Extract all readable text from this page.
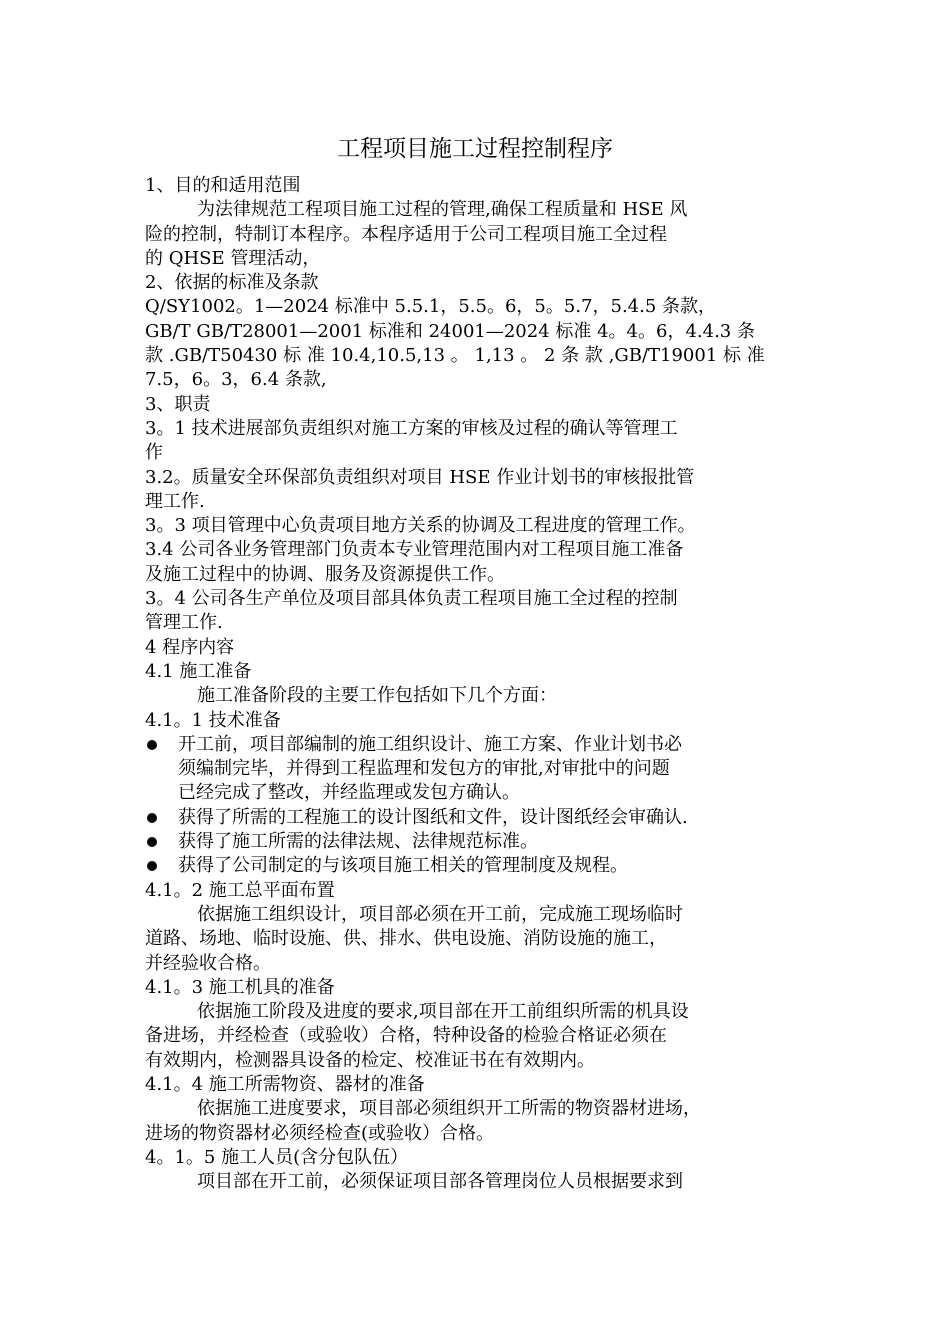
工程项目施工过程控制程序
1、目的和适用范围
为法律规范工程项目施工过程的管理,确保工程质量和 HSE 风
险的控制，特制订本程序。本程序适用于公司工程项目施工全过程
的 QHSE 管理活动，
2、依据的标准及条款
Q/SY1002。1—2024 标准中 5.5.1，5.5。6，5。5.7，5.4.5 条款，
GB/T GB/T28001—2001 标准和 24001—2024 标准 4。4。6，4.4.3 条
款 .GB/T50430 标 准 10.4,10.5,13 。 1,13 。 2 条 款 ,GB/T19001 标 准
7.5，6。3，6.4 条款,
3、职责
3。1 技术进展部负责组织对施工方案的审核及过程的确认等管理工
作
3.2。质量安全环保部负责组织对项目 HSE 作业计划书的审核报批管
理工作.
3。3 项目管理中心负责项目地方关系的协调及工程进度的管理工作。
3.4 公司各业务管理部门负责本专业管理范围内对工程项目施工准备
及施工过程中的协调、服务及资源提供工作。
3。4 公司各生产单位及项目部具体负责工程项目施工全过程的控制
管理工作.
4 程序内容
4.1 施工准备
施工准备阶段的主要工作包括如下几个方面：
4.1。1 技术准备
开工前，项目部编制的施工组织设计、施工方案、作业计划书必
须编制完毕，并得到工程监理和发包方的审批,对审批中的问题
已经完成了整改，并经监理或发包方确认。
获得了所需的工程施工的设计图纸和文件，设计图纸经会审确认.
获得了施工所需的法律法规、法律规范标准。
获得了公司制定的与该项目施工相关的管理制度及规程。
4.1。2 施工总平面布置
依据施工组织设计，项目部必须在开工前，完成施工现场临时
道路、场地、临时设施、供、排水、供电设施、消防设施的施工，
并经验收合格。
4.1。3 施工机具的准备
依据施工阶段及进度的要求,项目部在开工前组织所需的机具设
备进场，并经检查（或验收）合格，特种设备的检验合格证必须在
有效期内，检测器具设备的检定、校准证书在有效期内。
4.1。4 施工所需物资、器材的准备
依据施工进度要求，项目部必须组织开工所需的物资器材进场，
进场的物资器材必须经检查(或验收）合格。
4。1。5 施工人员(含分包队伍）
项目部在开工前，必须保证项目部各管理岗位人员根据要求到
